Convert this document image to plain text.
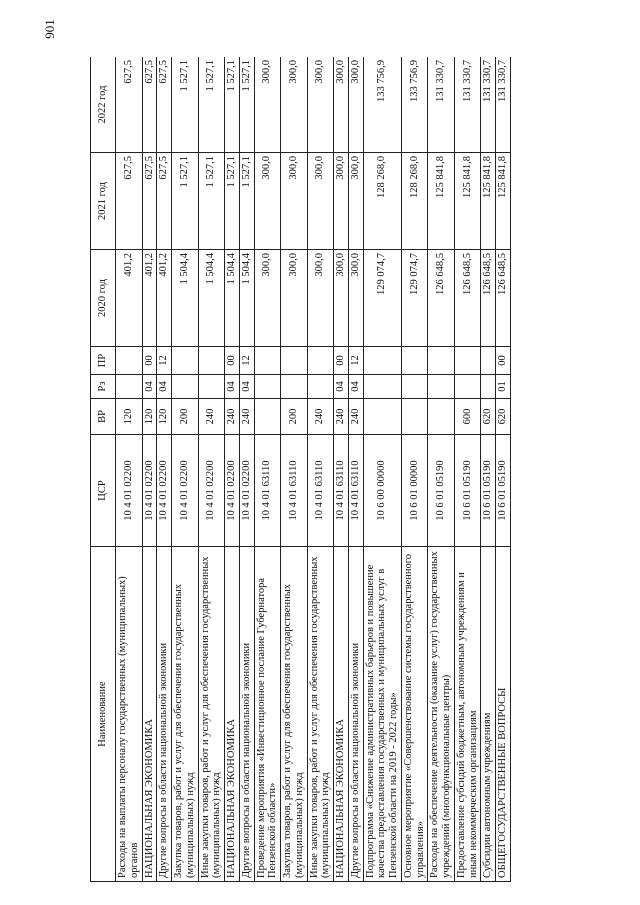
901
Наименование	ЦСР	ВР	Рз	ПР	2020 год	2021 год	2022 год
Расходы на выплаты персоналу государственных (муниципальных) органов	10 4 01 02200	120			401,2	627,5	627,5
НАЦИОНАЛЬНАЯ ЭКОНОМИКА	10 4 01 02200	120	04	00	401,2	627,5	627,5
Другие вопросы в области национальной экономики	10 4 01 02200	120	04	12	401,2	627,5	627,5
Закупка товаров, работ и услуг для обеспечения государственных (муниципальных) нужд	10 4 01 02200	200			1 504,4	1 527,1	1 527,1
Иные закупки товаров, работ и услуг для обеспечения государственных (муниципальных) нужд	10 4 01 02200	240			1 504,4	1 527,1	1 527,1
НАЦИОНАЛЬНАЯ ЭКОНОМИКА	10 4 01 02200	240	04	00	1 504,4	1 527,1	1 527,1
Другие вопросы в области национальной экономики	10 4 01 02200	240	04	12	1 504,4	1 527,1	1 527,1
Проведение мероприятия «Инвестиционное послание Губернатора Пензенской области»	10 4 01 63110				300,0	300,0	300,0
Закупка товаров, работ и услуг для обеспечения государственных (муниципальных) нужд	10 4 01 63110	200			300,0	300,0	300,0
Иные закупки товаров, работ и услуг для обеспечения государственных (муниципальных) нужд	10 4 01 63110	240			300,0	300,0	300,0
НАЦИОНАЛЬНАЯ ЭКОНОМИКА	10 4 01 63110	240	04	00	300,0	300,0	300,0
Другие вопросы в области национальной экономики	10 4 01 63110	240	04	12	300,0	300,0	300,0
Подпрограмма «Снижение административных барьеров и повышение качества предоставления государственных и муниципальных услуг в Пензенской области на 2019 - 2022 годы»	10 6 00 00000				129 074,7	128 268,0	133 756,9
Основное мероприятие «Совершенствование системы государственного управления»	10 6 01 00000				129 074,7	128 268,0	133 756,9
Расходы на обеспечение деятельности (оказание услуг) государственных учреждений (многофункциональные центры)	10 6 01 05190				126 648,5	125 841,8	131 330,7
Предоставление субсидий бюджетным, автономным учреждениям и иным некоммерческим организациям	10 6 01 05190	600			126 648,5	125 841,8	131 330,7
Субсидии автономным учреждениям	10 6 01 05190	620			126 648,5	125 841,8	131 330,7
ОБЩЕГОСУДАРСТВЕННЫЕ ВОПРОСЫ	10 6 01 05190	620	01	00	126 648,5	125 841,8	131 330,7
